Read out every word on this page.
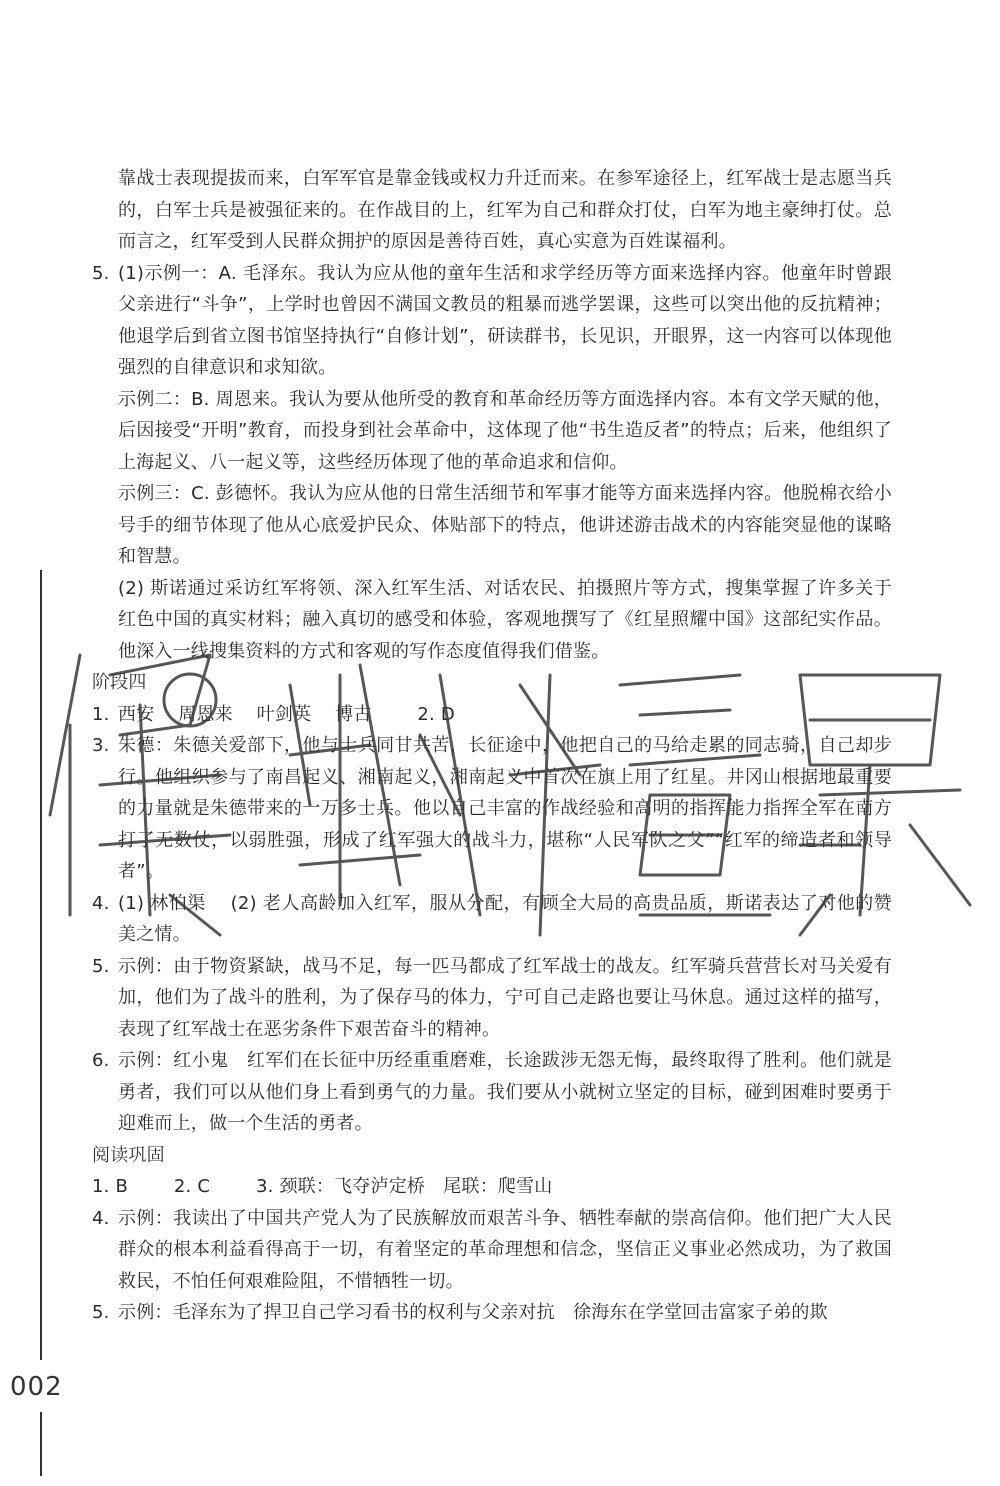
靠战士表现提拔而来，白军军官是靠金钱或权力升迁而来。在参军途径上，红军战士是志愿当兵的，白军士兵是被强征来的。在作战目的上，红军为自己和群众打仗，白军为地主豪绅打仗。总而言之，红军受到人民群众拥护的原因是善待百姓，真心实意为百姓谋福利。

5. (1)示例一：A. 毛泽东。我认为应从他的童年生活和求学经历等方面来选择内容。他童年时曾跟父亲进行“斗争”，上学时也曾因不满国文教员的粗暴而逃学罢课，这些可以突出他的反抗精神；他退学后到省立图书馆坚持执行“自修计划”，研读群书，长见识，开眼界，这一内容可以体现他强烈的自律意识和求知欲。

示例二：B. 周恩来。我认为要从他所受的教育和革命经历等方面选择内容。本有文学天赋的他，后因接受“开明”教育，而投身到社会革命中，这体现了他“书生造反者”的特点；后来，他组织了上海起义、八一起义等，这些经历体现了他的革命追求和信仰。

示例三：C. 彭德怀。我认为应从他的日常生活细节和军事才能等方面来选择内容。他脱棉衣给小号手的细节体现了他从心底爱护民众、体贴部下的特点，他讲述游击战术的内容能突显他的谋略和智慧。

(2) 斯诺通过采访红军将领、深入红军生活、对话农民、拍摄照片等方式，搜集掌握了许多关于红色中国的真实材料；融入真切的感受和体验，客观地撰写了《红星照耀中国》这部纪实作品。他深入一线搜集资料的方式和客观的写作态度值得我们借鉴。

阶段四

1. 西安 周恩来 叶剑英 博古	2. D
3. 朱德：朱德关爱部下，他与士兵同甘共苦，长征途中，他把自己的马给走累的同志骑，自己却步行。他组织参与了南昌起义、湘南起义，湘南起义中首次在旗上用了红星。井冈山根据地最重要的力量就是朱德带来的一万多士兵。他以自己丰富的作战经验和高明的指挥能力指挥全军在南方打了无数仗，以弱胜强，形成了红军强大的战斗力，堪称“人民军队之父”“红军的缔造者和领导者”。

4. (1) 林伯渠　 (2) 老人高龄加入红军，服从分配，有顾全大局的高贵品质，斯诺表达了对他的赞美之情。

5. 示例：由于物资紧缺，战马不足，每一匹马都成了红军战士的战友。红军骑兵营营长对马关爱有加，他们为了战斗的胜利，为了保存马的体力，宁可自己走路也要让马休息。通过这样的描写，表现了红军战士在恶劣条件下艰苦奋斗的精神。

6. 示例：红小鬼　红军们在长征中历经重重磨难，长途跋涉无怨无悔，最终取得了胜利。他们就是勇者，我们可以从他们身上看到勇气的力量。我们要从小就树立坚定的目标，碰到困难时要勇于迎难而上，做一个生活的勇者。

阅读巩固

1. B	2. C	3. 颈联：飞夺泸定桥　尾联：爬雪山
4. 示例：我读出了中国共产党人为了民族解放而艰苦斗争、牺牲奉献的崇高信仰。他们把广大人民群众的根本利益看得高于一切，有着坚定的革命理想和信念，坚信正义事业必然成功，为了救国救民，不怕任何艰难险阻，不惜牺牲一切。

5. 示例：毛泽东为了捍卫自己学习看书的权利与父亲对抗　徐海东在学堂回击富家子弟的欺

002
